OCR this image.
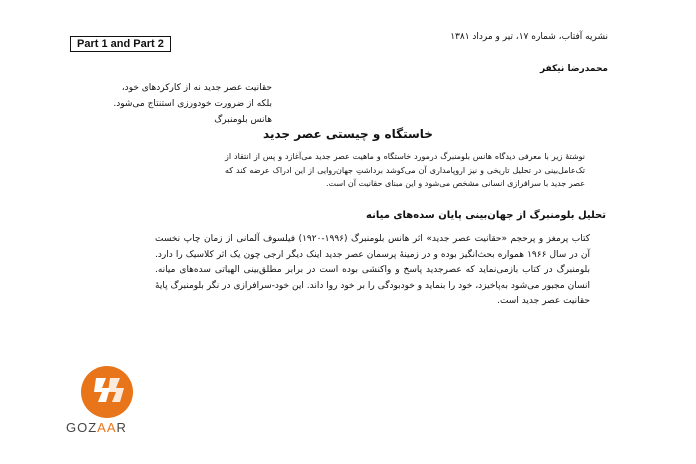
Part 1 and Part 2
نشریه آفتاب، شماره ۱۷، تیر و مرداد ۱۳۸۱
محمدرضا نیکفر
حقانیت عصر جدید نه از کارکردهای خود،
بلکه از ضرورت خودورزی استنتاج می‌شود.
هانس بلومنبرگ
خاستگاه و چیستی عصر جدید
نوشتهٔ زیر با معرفی دیدگاه هانس بلومنبرگ درمورد خاستگاه و ماهیت عصر جدید می‌آغازد و پس از انتقاد از تک‌عامل‌بینی در تحلیل تاریخی و نیز اروپامداری آن می‌کوشد برداشتِ جهان‌روایی از این ادراک عرضه کند که عصر جدید با سرافرازی انسانی مشخص می‌شود و این مبنای حقانیت آن است.
تحلیل بلومنبرگ از جهان‌بینی پایان سده‌های میانه
کتاب پرمغز و پرحجم «حقانیت عصر جدید» اثر هانس بلومنبرگ (۱۹۹۶-۱۹۲۰) فیلسوف آلمانی از زمان چاپ نخست آن در سال ۱۹۶۶ همواره بحث‌انگیز بوده و در زمینهٔ پرسمان عصر جدید اینک دیگر ارجی چون یک اثر کلاسیک را دارد. بلومنبرگ در کتاب بازمی‌نماید که عصرجدید پاسخ و واکنشی بوده است در برابر مطلق‌بینی الهیاتی سده‌های میانه. انسان مجبور می‌شود به‌پاخیزد، خود را بنماید و خودبودگی را بر خود روا داند. این خود-سرافرازی در نگر بلومنبرگ پایهٔ حقانیت عصر جدید است.
GOZAAR
